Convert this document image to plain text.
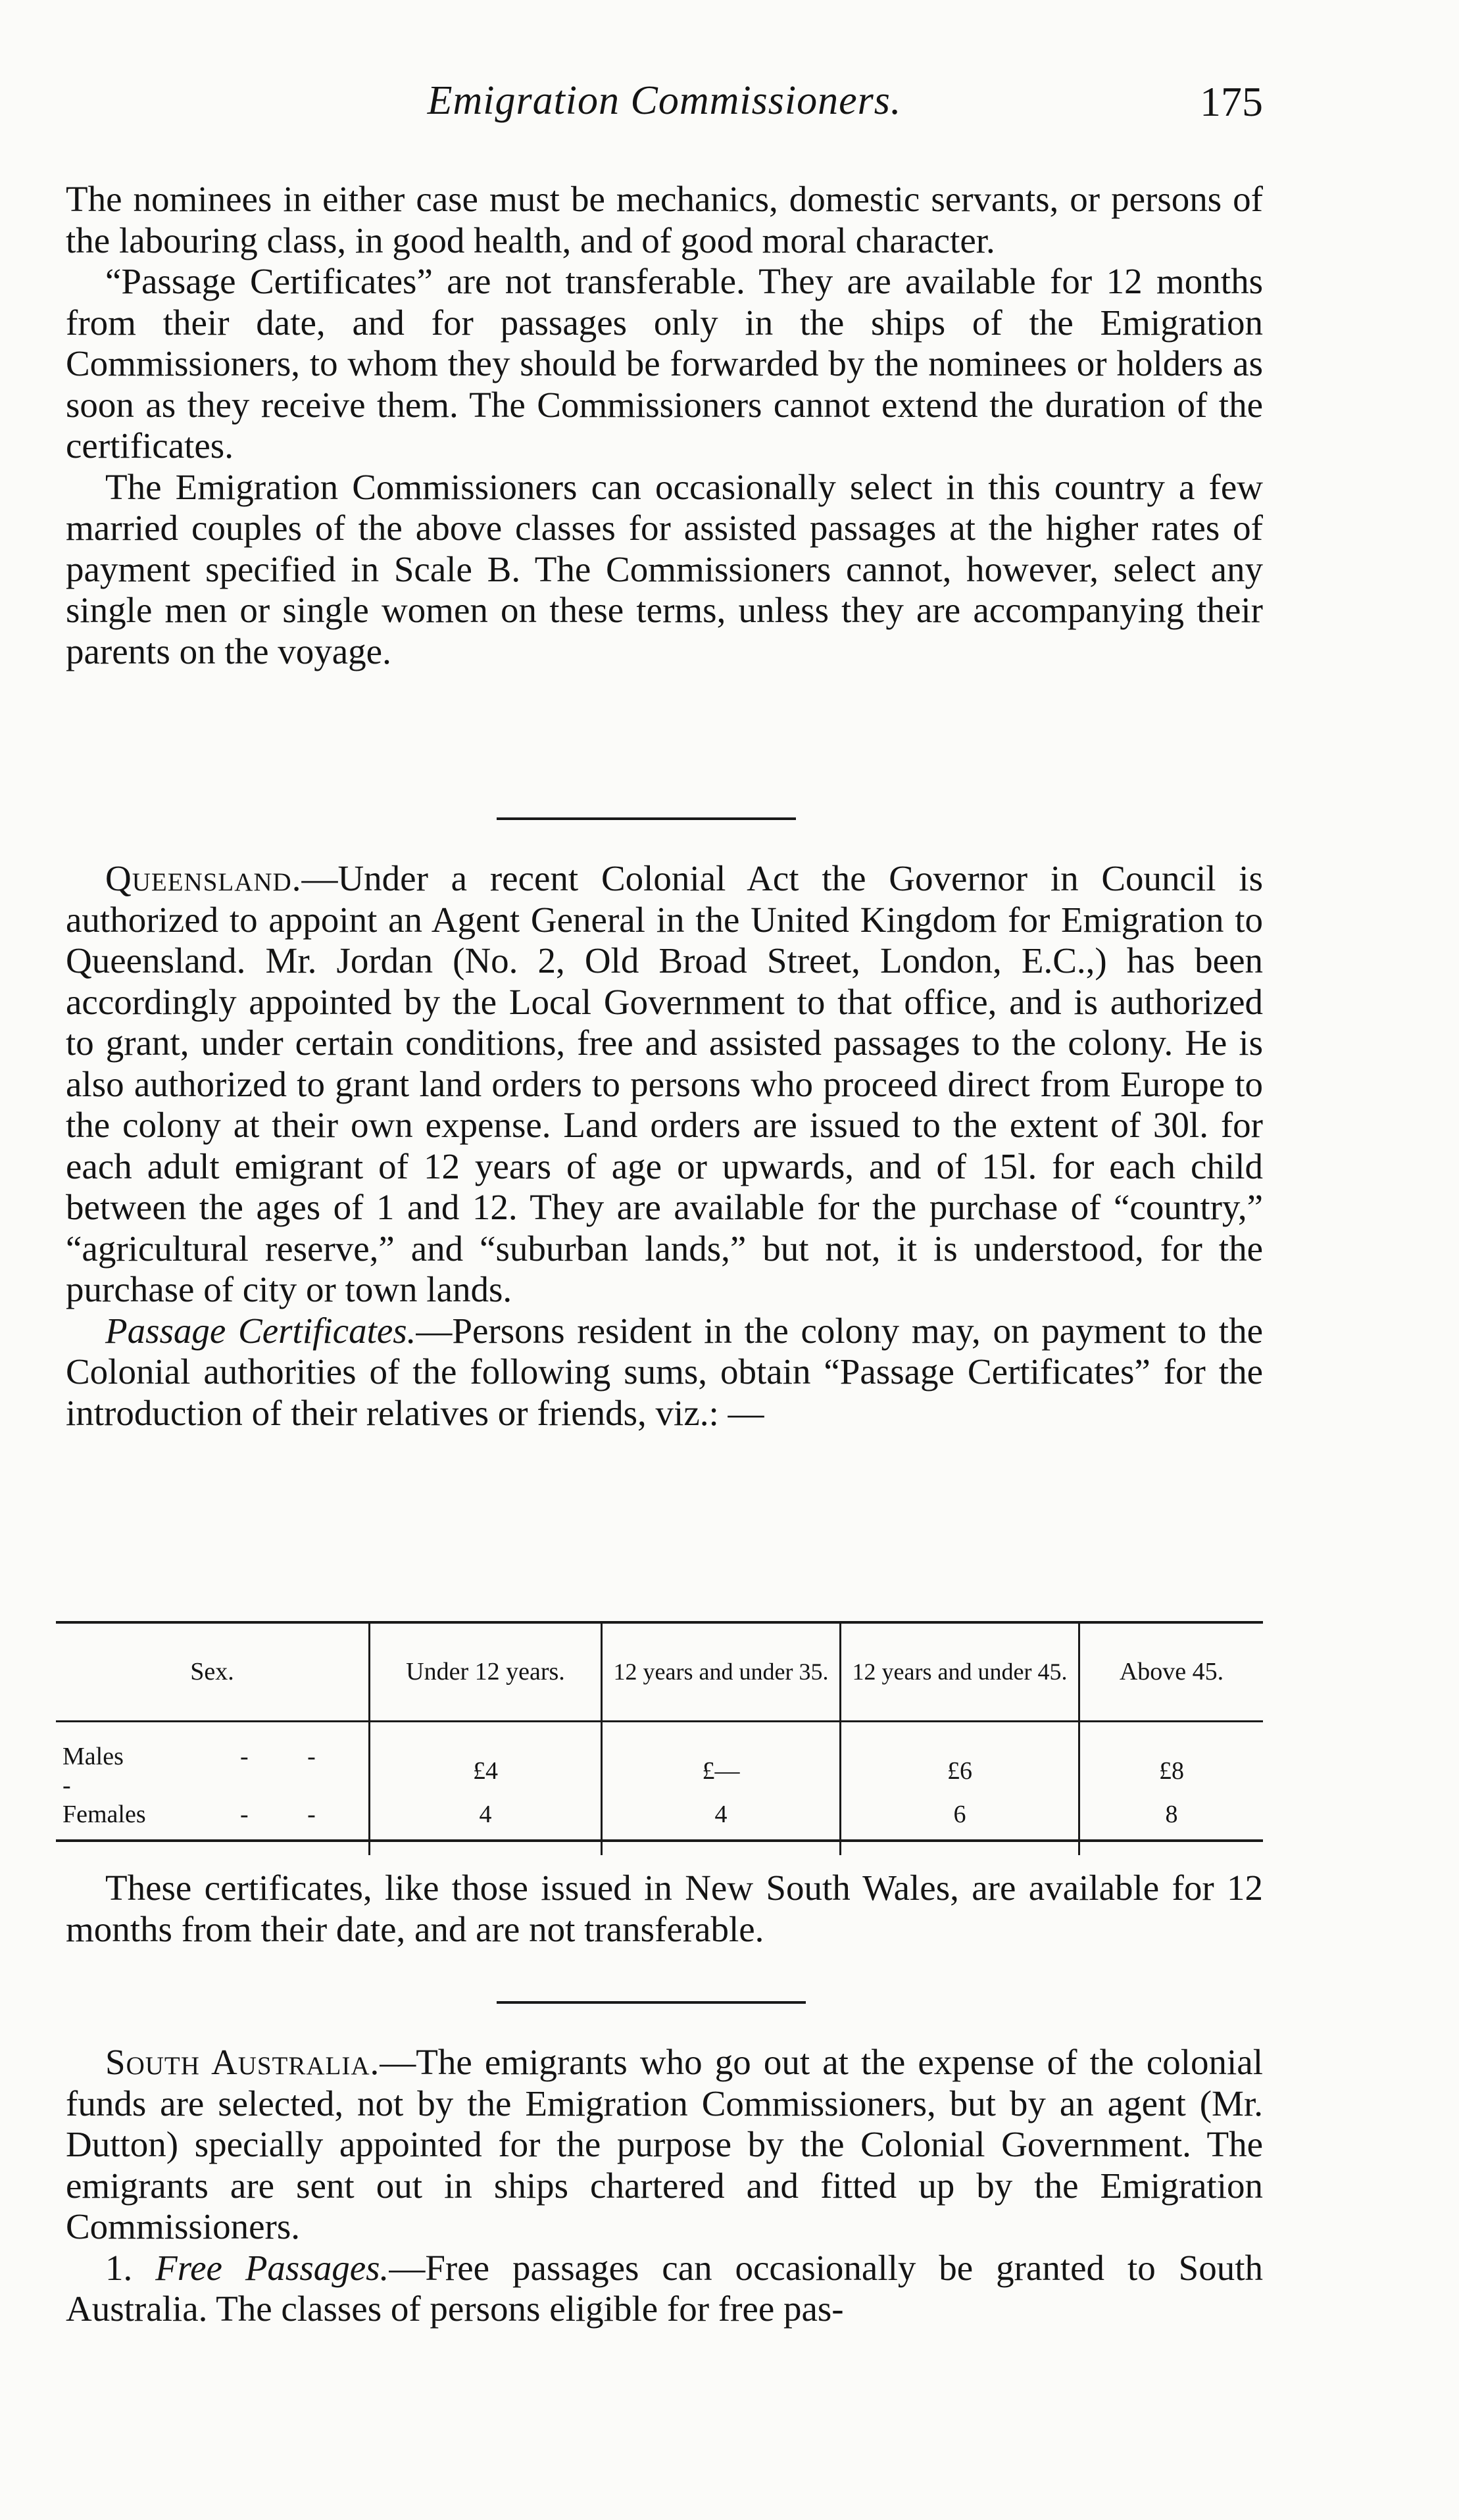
Emigration Commissioners.	175

The nominees in either case must be mechanics, domestic servants, or persons of the labouring class, in good health, and of good moral character.

“Passage Certificates” are not transferable. They are available for 12 months from their date, and for passages only in the ships of the Emigration Commissioners, to whom they should be forwarded by the nominees or holders as soon as they receive them. The Commissioners cannot extend the duration of the certificates.

The Emigration Commissioners can occasionally select in this country a few married couples of the above classes for assisted passages at the higher rates of payment specified in Scale B. The Commissioners cannot, however, select any single men or single women on these terms, unless they are accompanying their parents on the voyage.

Queensland.—Under a recent Colonial Act the Governor in Council is authorized to appoint an Agent General in the United Kingdom for Emigration to Queensland. Mr. Jordan (No. 2, Old Broad Street, London, E.C.,) has been accordingly appointed by the Local Government to that office, and is authorized to grant, under certain conditions, free and assisted passages to the colony. He is also authorized to grant land orders to persons who proceed direct from Europe to the colony at their own expense. Land orders are issued to the extent of 30l. for each adult emigrant of 12 years of age or upwards, and of 15l. for each child between the ages of 1 and 12. They are available for the purchase of “country,” “agricultural reserve,” and “suburban lands,” but not, it is understood, for the purchase of city or town lands.

Passage Certificates.—Persons resident in the colony may, on payment to the Colonial authorities of the following sums, obtain “Passage Certificates” for the introduction of their relatives or friends, viz.: —

Sex.	Under 12 years.	12 years and under 35.	12 years and under 45.	Above 45.
Males - - -	£4	£—	£6	£8
Females - -	4	4	6	8

These certificates, like those issued in New South Wales, are available for 12 months from their date, and are not transferable.

South Australia.—The emigrants who go out at the expense of the colonial funds are selected, not by the Emigration Commissioners, but by an agent (Mr. Dutton) specially appointed for the purpose by the Colonial Government. The emigrants are sent out in ships chartered and fitted up by the Emigration Commissioners.

1. Free Passages.—Free passages can occasionally be granted to South Australia. The classes of persons eligible for free pas-
